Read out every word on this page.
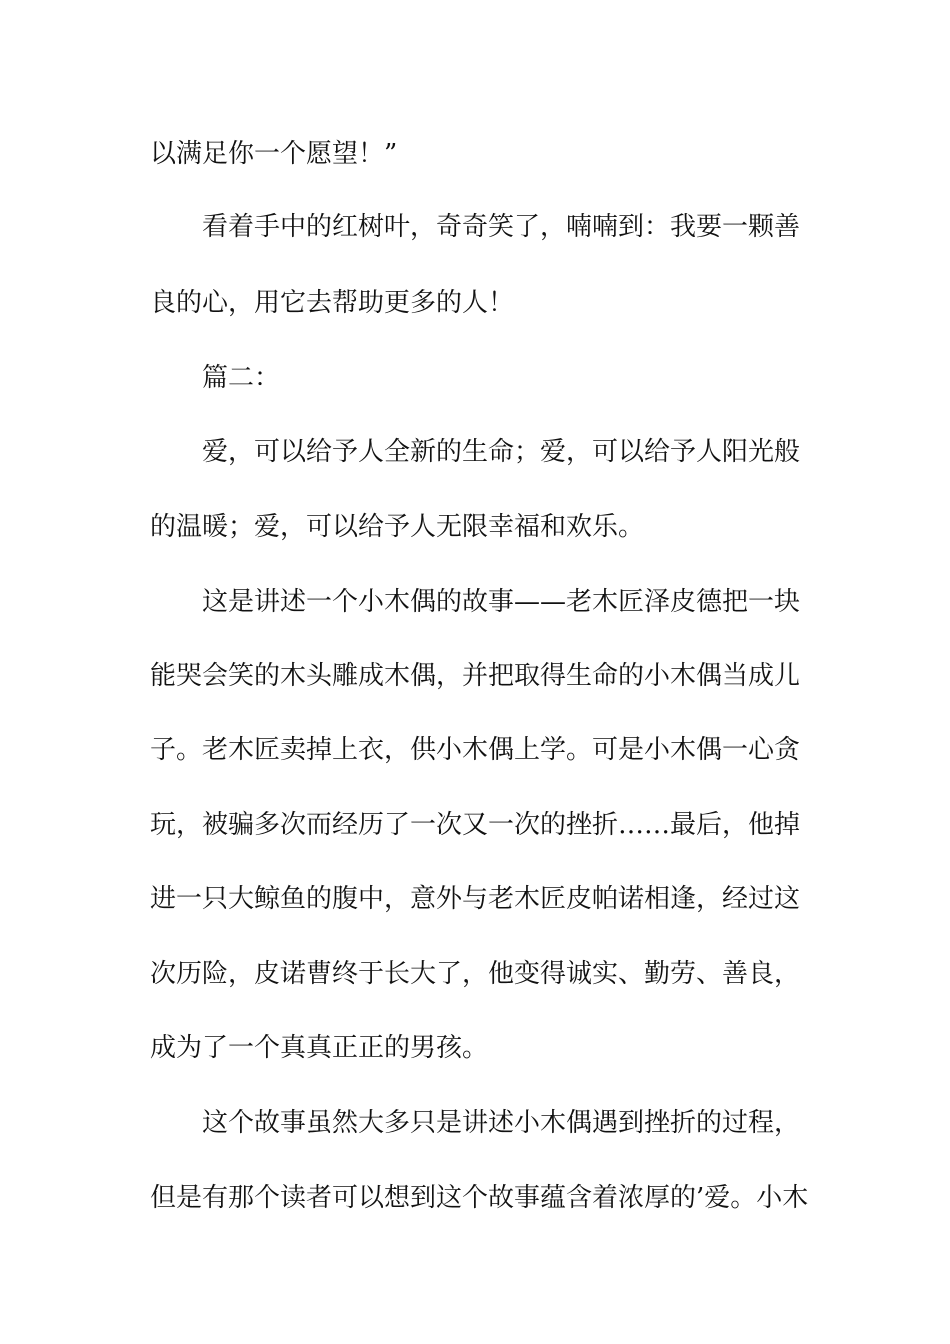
以满足你一个愿望！”
看着手中的红树叶，奇奇笑了，喃喃到：我要一颗善
良的心，用它去帮助更多的人！
篇二：
爱，可以给予人全新的生命；爱，可以给予人阳光般
的温暖；爱，可以给予人无限幸福和欢乐。
这是讲述一个小木偶的故事——老木匠泽皮德把一块
能哭会笑的木头雕成木偶，并把取得生命的小木偶当成儿
子。老木匠卖掉上衣，供小木偶上学。可是小木偶一心贪
玩，被骗多次而经历了一次又一次的挫折……最后，他掉
进一只大鲸鱼的腹中，意外与老木匠皮帕诺相逢，经过这
次历险，皮诺曹终于长大了，他变得诚实、勤劳、善良，
成为了一个真真正正的男孩。
这个故事虽然大多只是讲述小木偶遇到挫折的过程，
但是有那个读者可以想到这个故事蕴含着浓厚的’爱。小木
